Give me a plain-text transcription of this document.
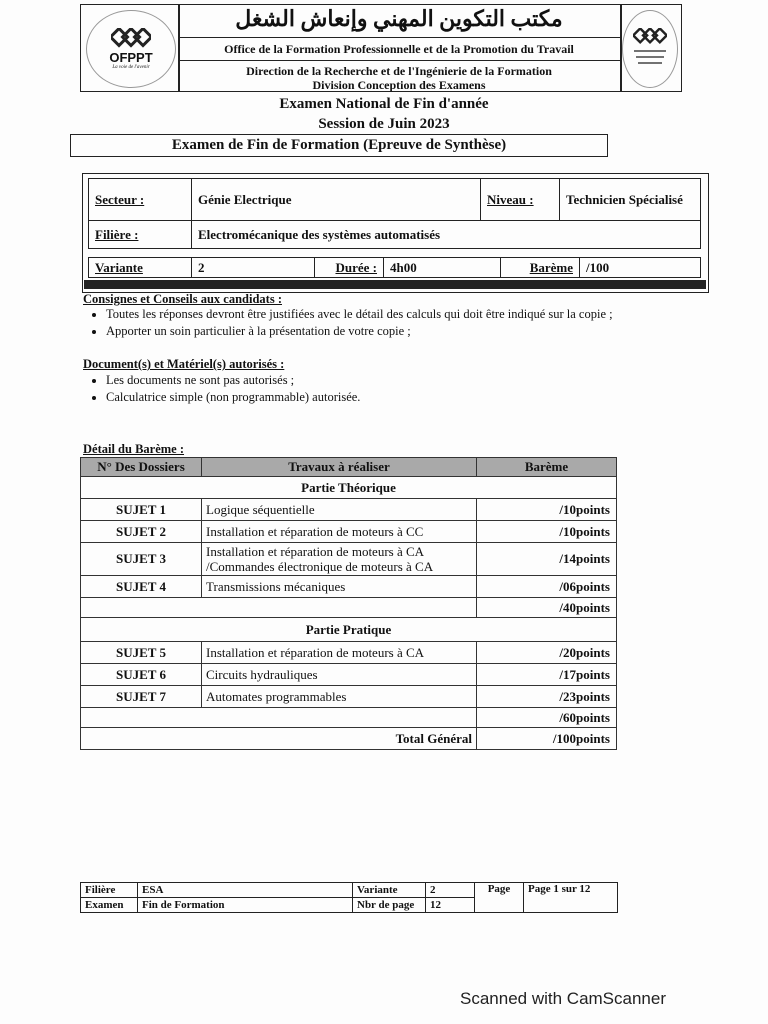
OFPPT
La voie de l'avenir
مكتب التكوين المهني وإنعاش الشغل
Office de la Formation Professionnelle et de la Promotion du Travail
Direction de la Recherche et de l'Ingénierie de la Formation
Division Conception des Examens
Examen National de Fin d'année
Session de Juin 2023
Examen de Fin de Formation (Epreuve de Synthèse)
Secteur :	Génie Electrique	Niveau :	Technicien Spécialisé
Filière :	Electromécanique des systèmes automatisés		
Variante	2	Durée :	4h00	Barème	/100
Consignes et Conseils aux candidats :
• Toutes les réponses devront être justifiées avec le détail des calculs qui doit être indiqué sur la copie ;
• Apporter un soin particulier à la présentation de votre copie ;
Document(s) et Matériel(s) autorisés :
• Les documents ne sont pas autorisés ;
• Calculatrice simple (non programmable) autorisée.
Détail du Barème :
N° Des Dossiers	Travaux à réaliser	Barème
Partie Théorique		
SUJET 1	Logique séquentielle	/10points
SUJET 2	Installation et réparation de moteurs à CC	/10points
SUJET 3	Installation et réparation de moteurs à CA /Commandes électronique de moteurs à CA	/14points
SUJET 4	Transmissions mécaniques	/06points
		/40points
Partie Pratique		
SUJET 5	Installation et réparation de moteurs à CA	/20points
SUJET 6	Circuits hydrauliques	/17points
SUJET 7	Automates programmables	/23points
		/60points
Total Général		/100points
Filière	ESA	Variante	2	Page	Page 1 sur 12
Examen	Fin de Formation	Nbr de page	12		
Scanned with CamScanner
